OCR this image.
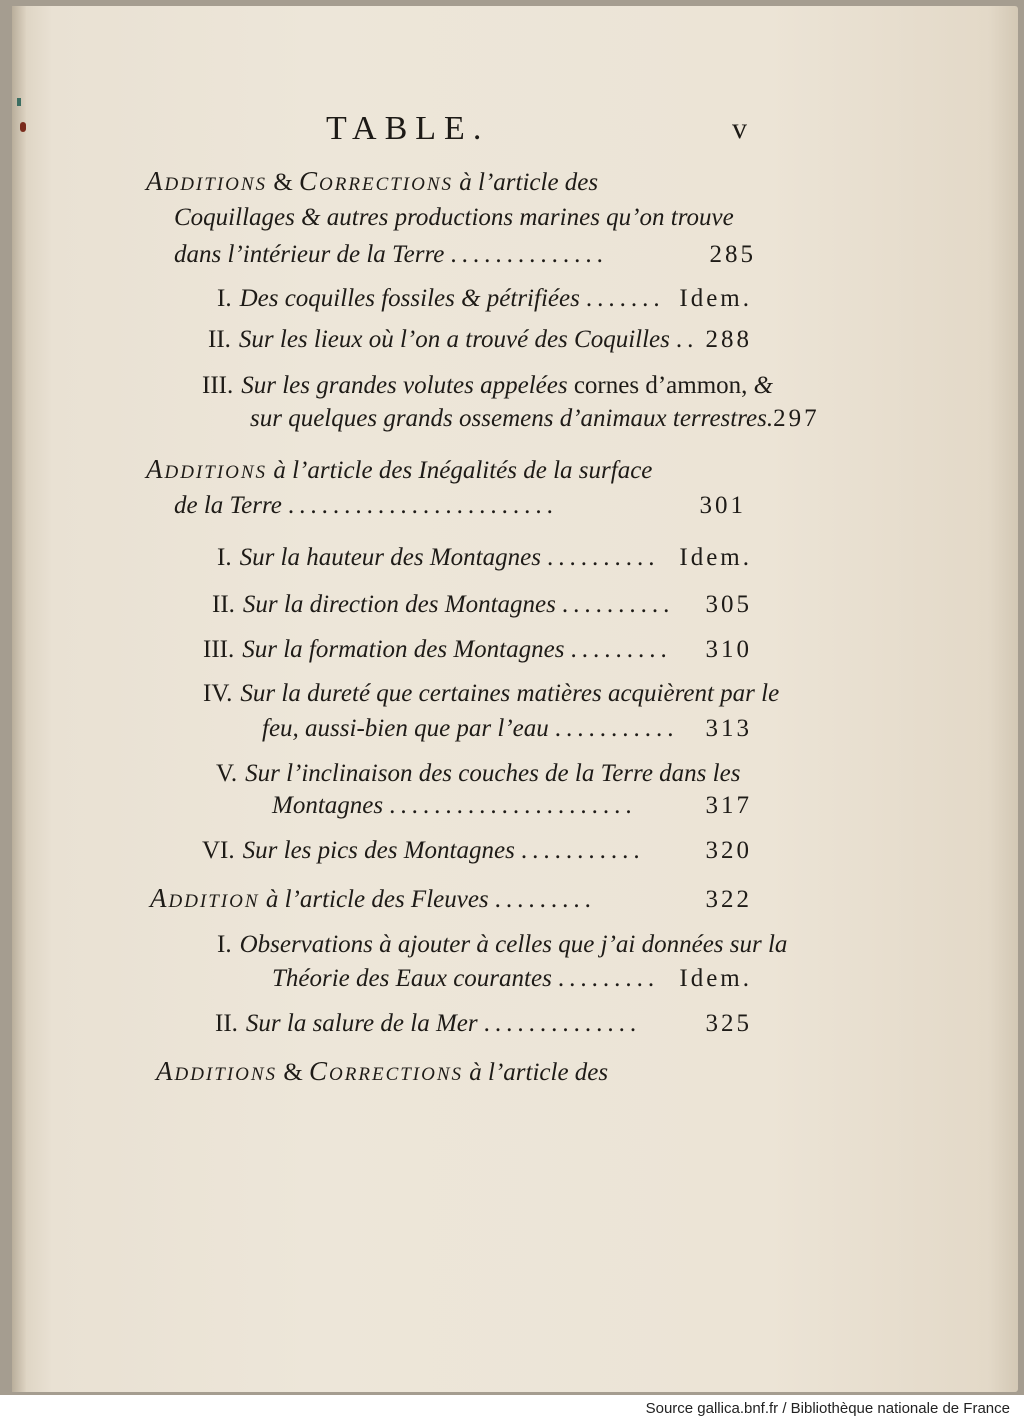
TABLE.	v
Additions & Corrections à l’article des
Coquillages & autres productions marines qu’on trouve
dans l’intérieur de la Terre ..............	285
I. Des coquilles fossiles & pétrifiées ....... Idem.
II. Sur les lieux où l’on a trouvé des Coquilles .. 288
III. Sur les grandes volutes appelées cornes d’ammon, &
sur quelques grands ossemens d’animaux terrestres. 297
Additions à l’article des Inégalités de la surface
de la Terre ........................	301
I. Sur la hauteur des Montagnes .......... Idem.
II. Sur la direction des Montagnes ..........	305
III. Sur la formation des Montagnes .........	310
IV. Sur la dureté que certaines matières acquièrent par le
feu, aussi-bien que par l’eau ...........	313
V. Sur l’inclinaison des couches de la Terre dans les
Montagnes ......................	317
VI. Sur les pics des Montagnes ...........	320
Addition à l’article des Fleuves .........	322
I. Observations à ajouter à celles que j’ai données sur la
Théorie des Eaux courantes ......... Idem.
II. Sur la salure de la Mer ..............	325
Additions & Corrections à l’article des
Source gallica.bnf.fr / Bibliothèque nationale de France
